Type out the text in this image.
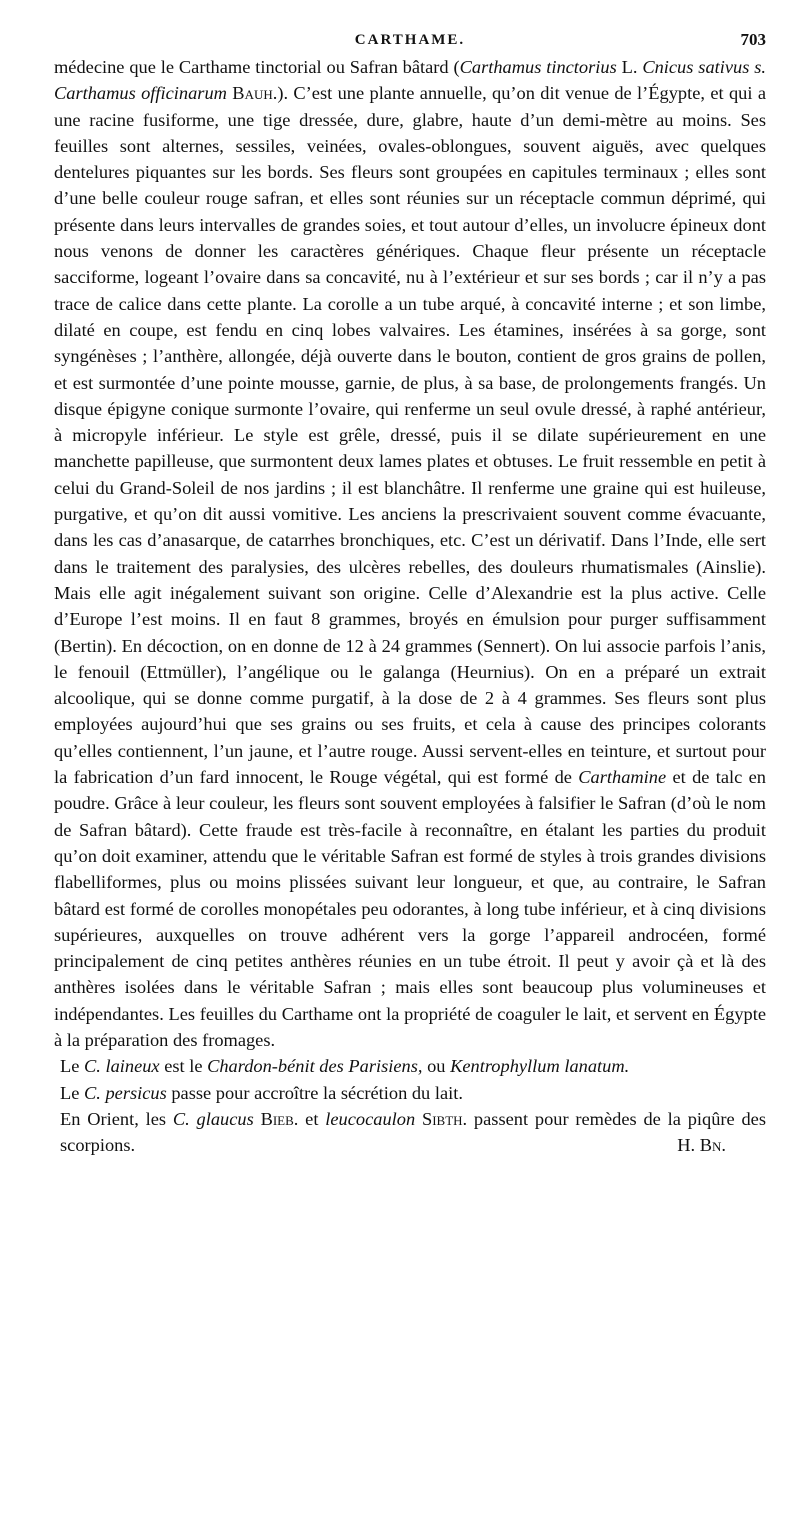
CARTHAME.	703

médecine que le Carthame tinctorial ou Safran bâtard (Carthamus tinctorius L. Cnicus sativus s. Carthamus officinarum Bauh.). C’est une plante annuelle, qu’on dit venue de l’Égypte, et qui a une racine fusiforme, une tige dressée, dure, glabre, haute d’un demi-mètre au moins. Ses feuilles sont alternes, sessiles, veinées, ovales-oblongues, souvent aiguës, avec quelques dentelures piquantes sur les bords. Ses fleurs sont groupées en capitules terminaux ; elles sont d’une belle couleur rouge safran, et elles sont réunies sur un réceptacle commun déprimé, qui présente dans leurs intervalles de grandes soies, et tout autour d’elles, un involucre épineux dont nous venons de donner les caractères génériques. Chaque fleur présente un réceptacle sacciforme, logeant l’ovaire dans sa concavité, nu à l’extérieur et sur ses bords ; car il n’y a pas trace de calice dans cette plante. La corolle a un tube arqué, à concavité interne ; et son limbe, dilaté en coupe, est fendu en cinq lobes valvaires. Les étamines, insérées à sa gorge, sont syngénèses ; l’anthère, allongée, déjà ouverte dans le bouton, contient de gros grains de pollen, et est surmontée d’une pointe mousse, garnie, de plus, à sa base, de prolongements frangés. Un disque épigyne conique surmonte l’ovaire, qui renferme un seul ovule dressé, à raphé antérieur, à micropyle inférieur. Le style est grêle, dressé, puis il se dilate supérieurement en une manchette papilleuse, que surmontent deux lames plates et obtuses. Le fruit ressemble en petit à celui du Grand-Soleil de nos jardins ; il est blanchâtre. Il renferme une graine qui est huileuse, purgative, et qu’on dit aussi vomitive. Les anciens la prescrivaient souvent comme évacuante, dans les cas d’anasarque, de catarrhes bronchiques, etc. C’est un dérivatif. Dans l’Inde, elle sert dans le traitement des paralysies, des ulcères rebelles, des douleurs rhumatismales (Ainslie). Mais elle agit inégalement suivant son origine. Celle d’Alexandrie est la plus active. Celle d’Europe l’est moins. Il en faut 8 grammes, broyés en émulsion pour purger suffisamment (Bertin). En décoction, on en donne de 12 à 24 grammes (Sennert). On lui associe parfois l’anis, le fenouil (Ettmüller), l’angélique ou le galanga (Heurnius). On en a préparé un extrait alcoolique, qui se donne comme purgatif, à la dose de 2 à 4 grammes. Ses fleurs sont plus employées aujourd’hui que ses grains ou ses fruits, et cela à cause des principes colorants qu’elles contiennent, l’un jaune, et l’autre rouge. Aussi servent-elles en teinture, et surtout pour la fabrication d’un fard innocent, le Rouge végétal, qui est formé de Carthamine et de talc en poudre. Grâce à leur couleur, les fleurs sont souvent employées à falsifier le Safran (d’où le nom de Safran bâtard). Cette fraude est très-facile à reconnaître, en étalant les parties du produit qu’on doit examiner, attendu que le véritable Safran est formé de styles à trois grandes divisions flabelliformes, plus ou moins plissées suivant leur longueur, et que, au contraire, le Safran bâtard est formé de corolles monopétales peu odorantes, à long tube inférieur, et à cinq divisions supérieures, auxquelles on trouve adhérent vers la gorge l’appareil androcéen, formé principalement de cinq petites anthères réunies en un tube étroit. Il peut y avoir çà et là des anthères isolées dans le véritable Safran ; mais elles sont beaucoup plus volumineuses et indépendantes. Les feuilles du Carthame ont la propriété de coaguler le lait, et servent en Égypte à la préparation des fromages.

Le C. laineux est le Chardon-bénit des Parisiens, ou Kentrophyllum lanatum.

Le C. persicus passe pour accroître la sécrétion du lait.

En Orient, les C. glaucus Bieb. et leucocaulon Sibth. passent pour remèdes de la piqûre des scorpions.	H. Bn.
